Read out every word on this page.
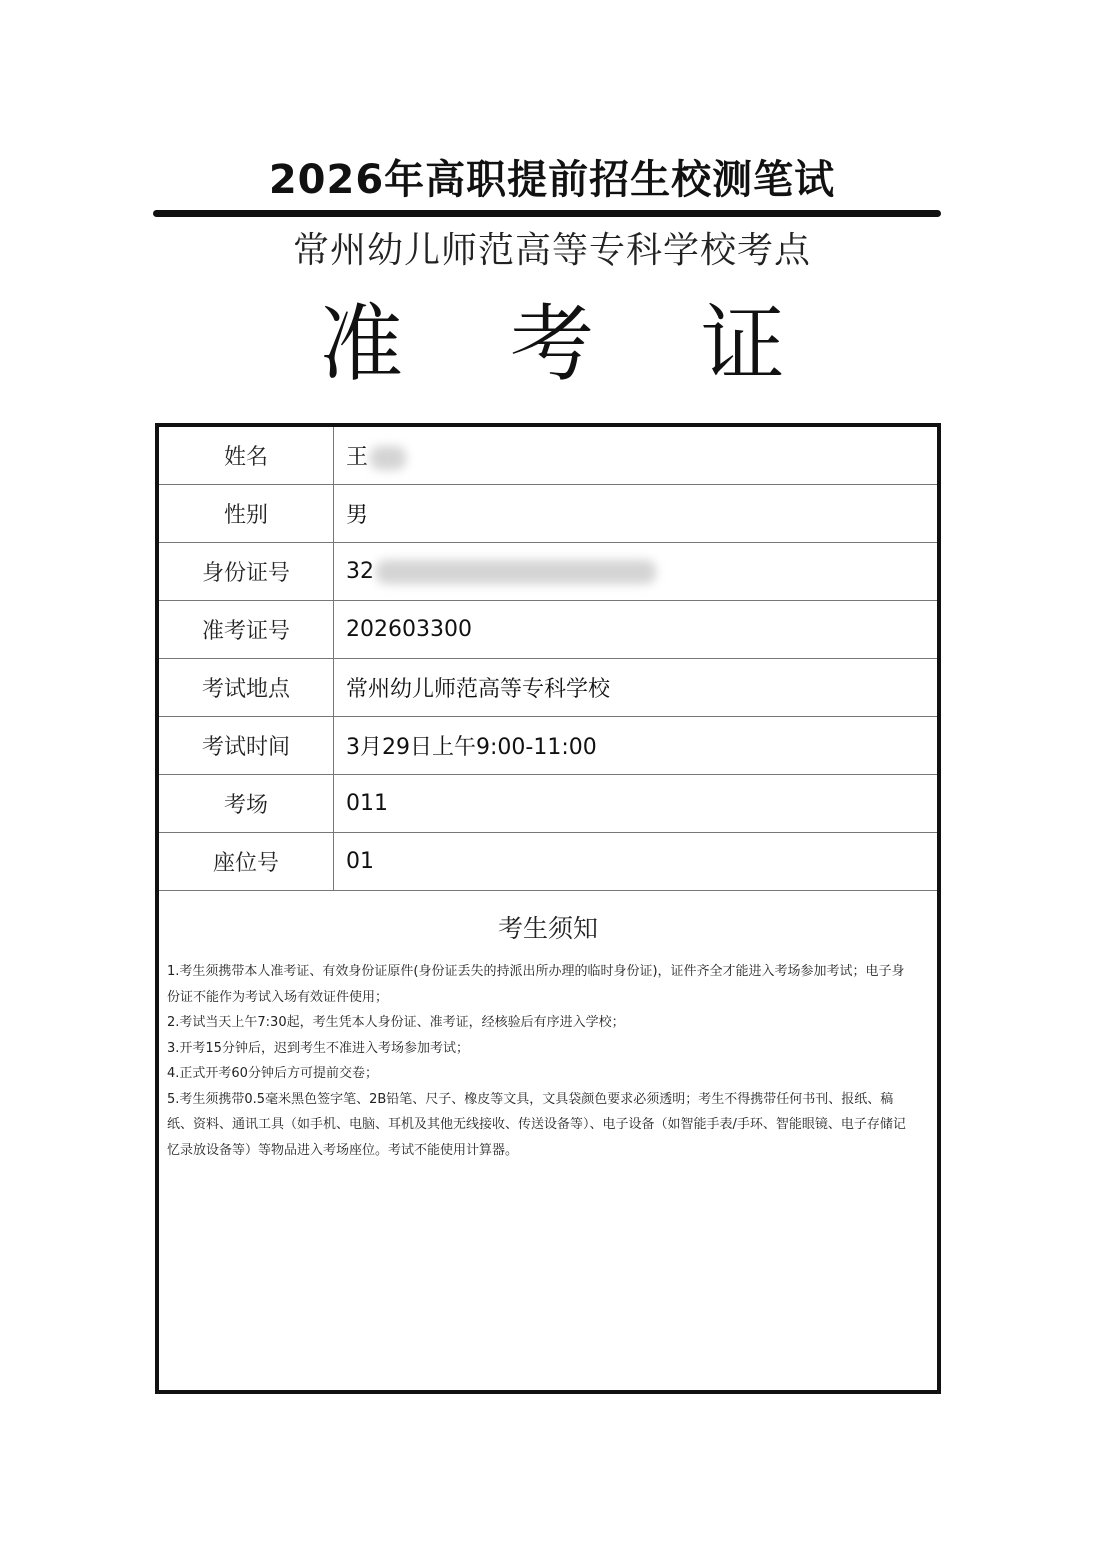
2026年高职提前招生校测笔试
常州幼儿师范高等专科学校考点
准 考 证
姓名	王
性别	男
身份证号	32
准考证号	202603300
考试地点	常州幼儿师范高等专科学校
考试时间	3月29日上午9:00-11:00
考场	011
座位号	01
考生须知

1.考生须携带本人准考证、有效身份证原件(身份证丢失的持派出所办理的临时身份证)，证件齐全才能进入考场参加考试；电子身份证不能作为考试入场有效证件使用；

2.考试当天上午7:30起，考生凭本人身份证、准考证，经核验后有序进入学校；

3.开考15分钟后，迟到考生不准进入考场参加考试；

4.正式开考60分钟后方可提前交卷；

5.考生须携带0.5毫米黑色签字笔、2B铅笔、尺子、橡皮等文具，文具袋颜色要求必须透明；考生不得携带任何书刊、报纸、稿纸、资料、通讯工具（如手机、电脑、耳机及其他无线接收、传送设备等）、电子设备（如智能手表/手环、智能眼镜、电子存储记忆录放设备等）等物品进入考场座位。考试不能使用计算器。
